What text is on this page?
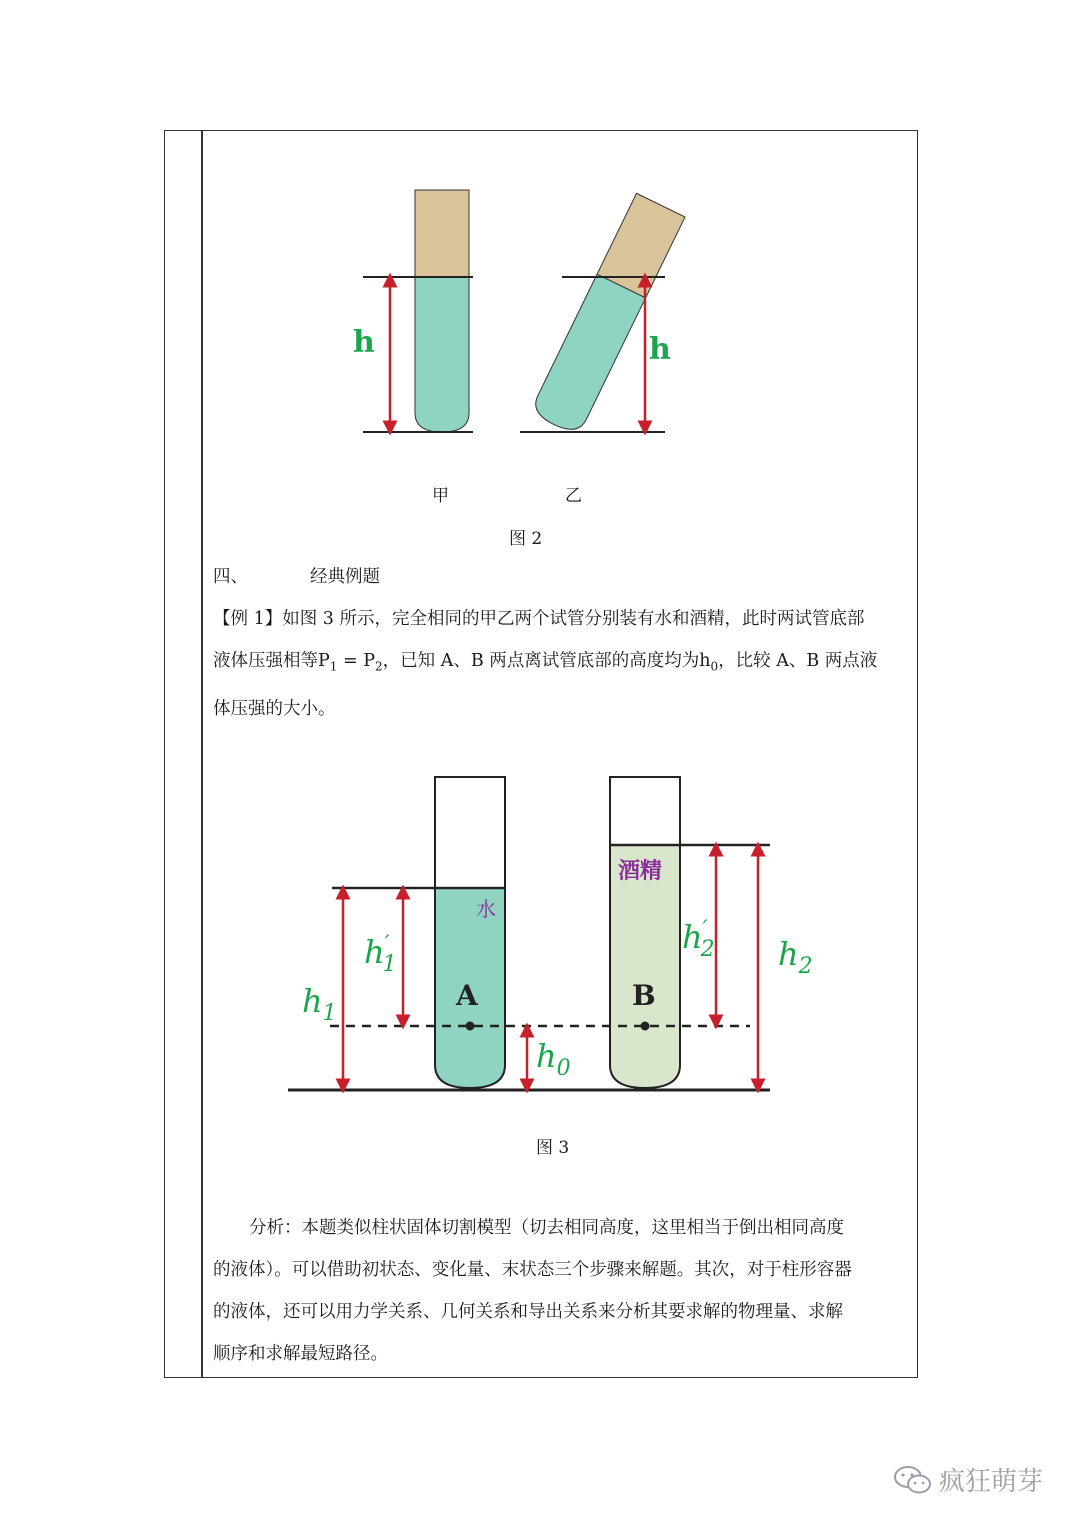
h	h
甲	乙
图 2
四、	经典例题
【例 1】如图 3 所示，完全相同的甲乙两个试管分别装有水和酒精，此时两试管底部
液体压强相等$P_1 = P_2$，已知 A、B 两点离试管底部的高度均为$h_0$，比较 A、B 两点液
体压强的大小。
水
酒精
A	B
$h_1$
h′ 1
$h_0$
h′ 2 $h_2$
图 3
分析：本题类似柱状固体切割模型（切去相同高度，这里相当于倒出相同高度
的液体）。可以借助初状态、变化量、末状态三个步骤来解题。其次，对于柱形容器
的液体，还可以用力学关系、几何关系和导出关系来分析其要求解的物理量、求解
顺序和求解最短路径。
疯狂萌芽
